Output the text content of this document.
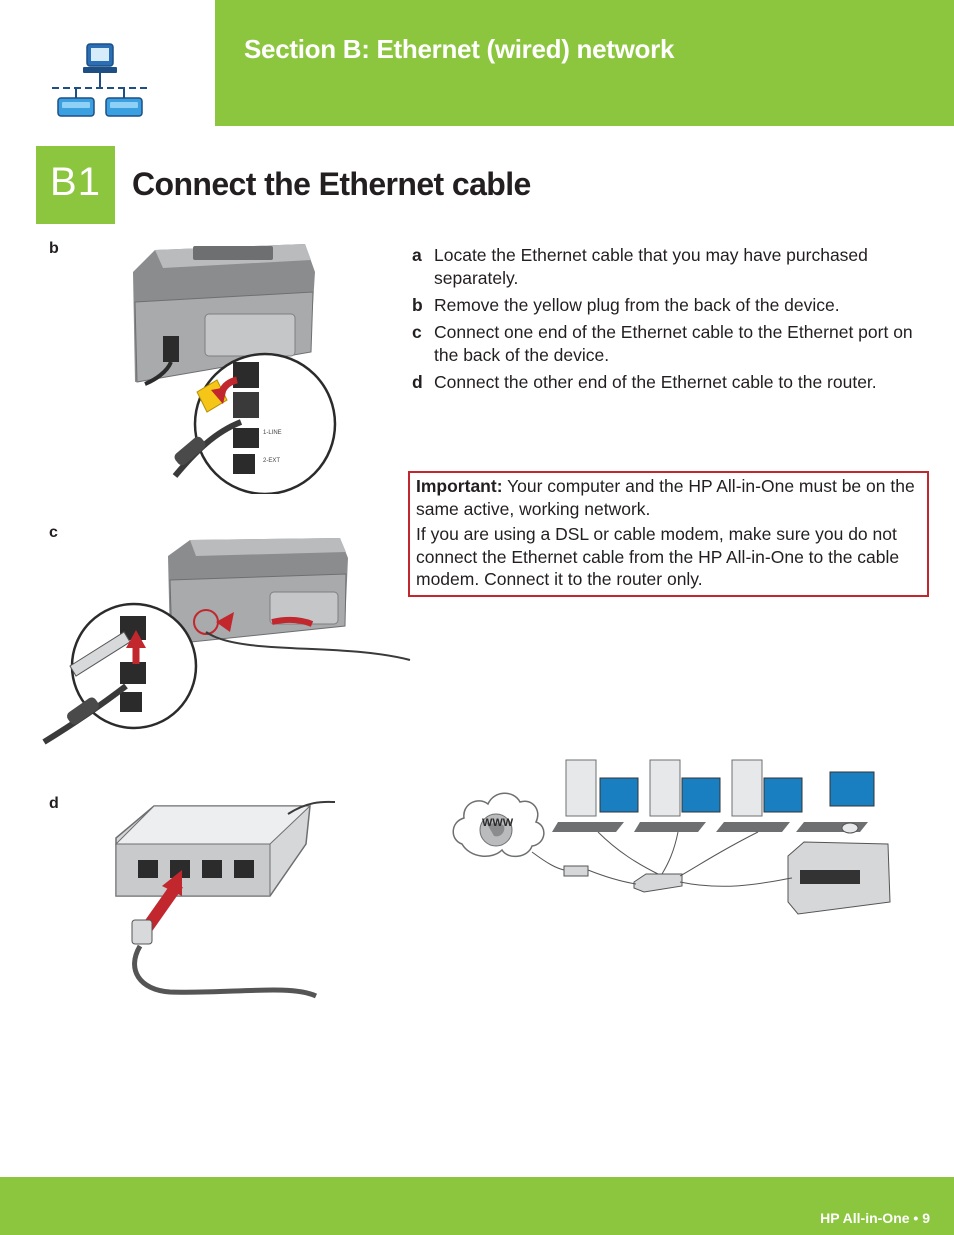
Section B: Ethernet (wired) network
B1 Connect the Ethernet cable
b
c
d
1-LINE
2-EXT
a Locate the Ethernet cable that you may have purchased separately.
b Remove the yellow plug from the back of the device.
c Connect one end of the Ethernet cable to the Ethernet port on the back of the device.
d Connect the other end of the Ethernet cable to the router.

Important: Your computer and the HP All-in-One must be on the same active, working network.

If you are using a DSL or cable modem, make sure you do not connect the Ethernet cable from the HP All-in-One to the cable modem. Connect it to the router only.

WWW
HP All-in-One • 9
